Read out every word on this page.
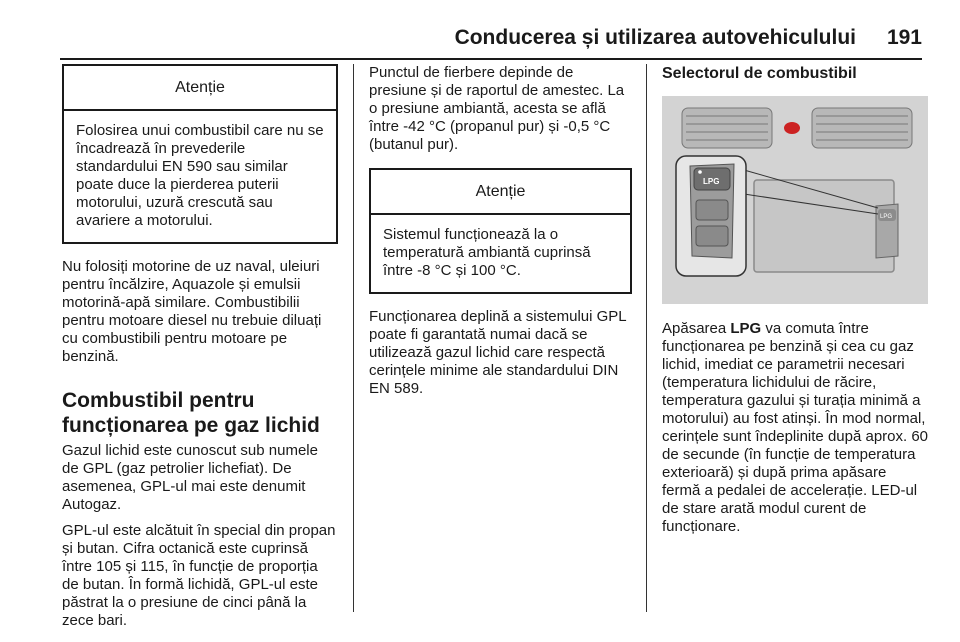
Conducerea și utilizarea autovehiculului 191
Atenție
Folosirea unui combustibil care nu se încadrează în prevederile standardului EN 590 sau similar poate duce la pierderea puterii motorului, uzură crescută sau avariere a motorului.

Nu folosiți motorine de uz naval, uleiuri pentru încălzire, Aquazole și emulsii motorină-apă similare. Combustibilii pentru motoare diesel nu trebuie diluați cu combustibili pentru motoare pe benzină.

Combustibil pentru funcționarea pe gaz lichid

Gazul lichid este cunoscut sub numele de GPL (gaz petrolier lichefiat). De asemenea, GPL-ul mai este denumit Autogaz.

GPL-ul este alcătuit în special din propan și butan. Cifra octanică este cuprinsă între 105 și 115, în funcție de proporția de butan. În formă lichidă, GPL-ul este păstrat la o presiune de cinci până la zece bari.

Punctul de fierbere depinde de presiune și de raportul de amestec. La o presiune ambiantă, acesta se află între -42 °C (propanul pur) și -0,5 °C (butanul pur).

Atenție
Sistemul funcționează la o temperatură ambiantă cuprinsă între -8 °C și 100 °C.

Funcționarea deplină a sistemului GPL poate fi garantată numai dacă se utilizează gazul lichid care respectă cerințele minime ale standardului DIN EN 589.

Selectorul de combustibil
LPG
LPG

Apăsarea LPG va comuta între funcționarea pe benzină și cea cu gaz lichid, imediat ce parametrii necesari (temperatura lichidului de răcire, temperatura gazului și turația minimă a motorului) au fost atinși. În mod normal, cerințele sunt îndeplinite după aprox. 60 de secunde (în funcție de temperatura exterioară) și după prima apăsare fermă a pedalei de accelerație. LED-ul de stare arată modul curent de funcționare.
